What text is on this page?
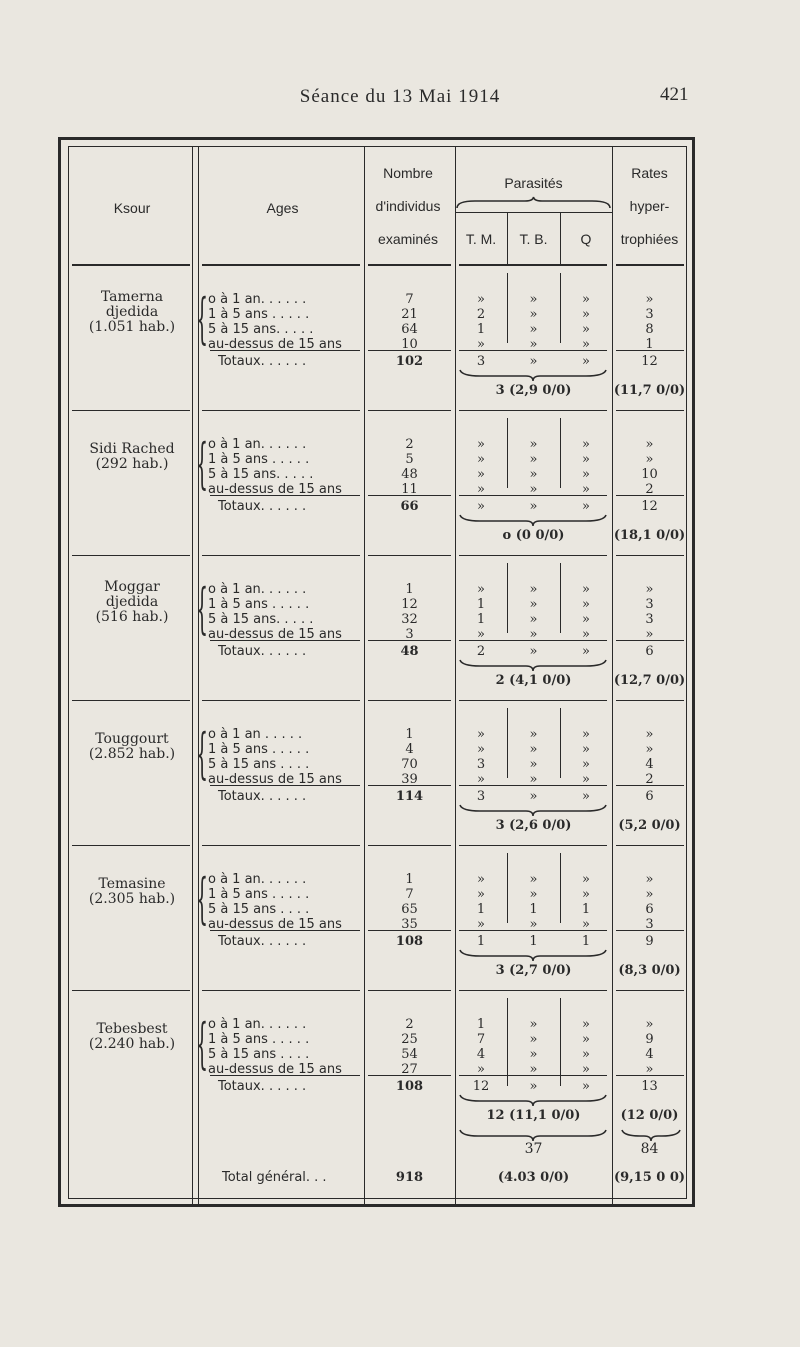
Séance du 13 Mai 1914	421
Ksour	Ages
Nombre
d'individus
examinés
Parasités
T. M.	T. B.	Q
Rates
hyper-
trophiées
Tamerna
djedida
(1.051 hab.) { o à 1 an. . . . . .	7	»	»	»	»
1 à 5 ans . . . . .	21	2	»	»	3
5 à 15 ans. . . . .	64	1	»	»	8
au-dessus de 15 ans	10	»	»	»	1
Totaux. . . . . .	102	3	»	»	12
3 (2,9 0/0)	(11,7 0/0)
Sidi Rached
(292 hab.) { o à 1 an. . . . . .	2	»	»	»	»
1 à 5 ans . . . . .	5	»	»	»	»
5 à 15 ans. . . . .	48	»	»	»	10
au-dessus de 15 ans	11	»	»	»	2
Totaux. . . . . .	66	»	»	»	12
o (0 0/0)	(18,1 0/0)
Moggar
djedida
(516 hab.) { o à 1 an. . . . . .	1	»	»	»	»
1 à 5 ans . . . . .	12	1	»	»	3
5 à 15 ans. . . . .	32	1	»	»	3
au-dessus de 15 ans	3	»	»	»	»
Totaux. . . . . .	48	2	»	»	6
2 (4,1 0/0)	(12,7 0/0)
Touggourt
(2.852 hab.) { o à 1 an . . . . .	1	»	»	»	»
1 à 5 ans . . . . .	4	»	»	»	»
5 à 15 ans . . . .	70	3	»	»	4
au-dessus de 15 ans	39	»	»	»	2
Totaux. . . . . .	114	3	»	»	6
3 (2,6 0/0)	(5,2 0/0)
Temasine
(2.305 hab.) { o à 1 an. . . . . .	1	»	»	»	»
1 à 5 ans . . . . .	7	»	»	»	»
5 à 15 ans . . . .	65	1	1	1	6
au-dessus de 15 ans	35	»	»	»	3
Totaux. . . . . .	108	1	1	1	9
3 (2,7 0/0)	(8,3 0/0)
Tebesbest
(2.240 hab.) { o à 1 an. . . . . .	2	1	»	»	»
1 à 5 ans . . . . .	25	7	»	»	9
5 à 15 ans . . . .	54	4	»	»	4
au-dessus de 15 ans	27	»	»	»	»
Totaux. . . . . .	108	12	»	»	13
12 (11,1 0/0)	(12 0/0)
37	84
Total général. . .	918	(4.03 0/0)	(9,15 0 0)
